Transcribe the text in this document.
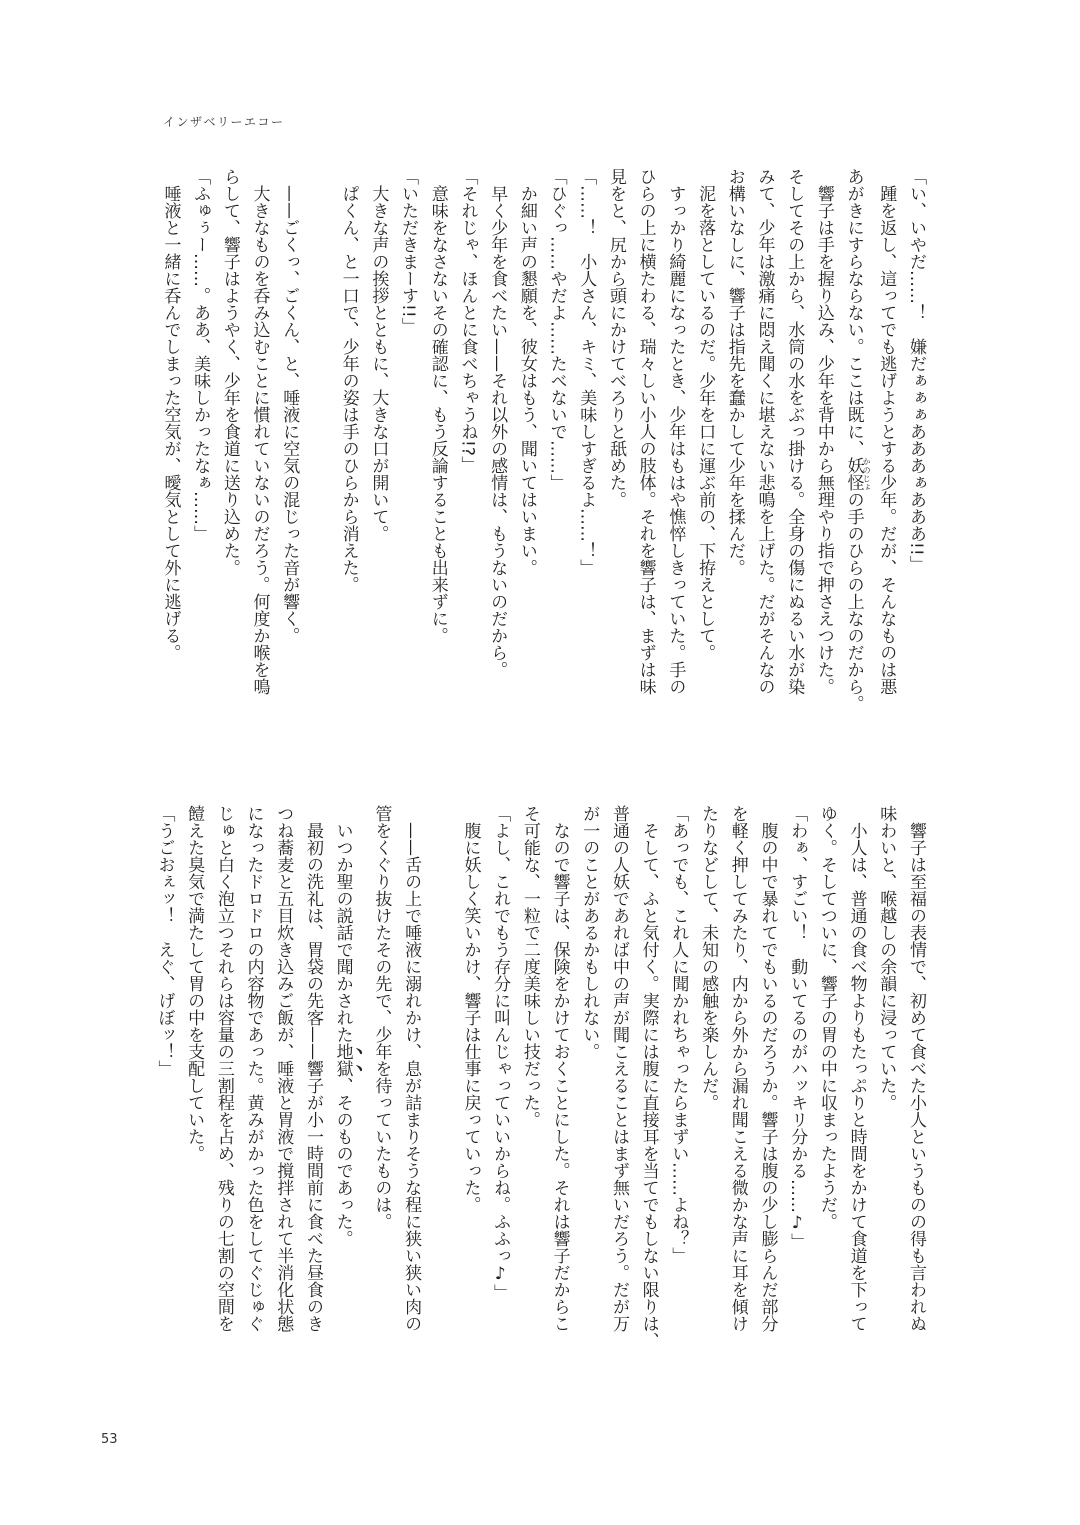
インザベリーエコー
「い、いやだ……！　嫌だぁぁぁあああぁあああ!!」
　踵を返し、這ってでも逃げようとする少年。だが、そんなものは悪
あがきにすらならない。ここは既に、妖怪かのじょの手のひらの上なのだから。
　響子は手を握り込み、少年を背中から無理やり指で押さえつけた。
そしてその上から、水筒の水をぶっ掛ける。全身の傷にぬるい水が染
みて、少年は激痛に悶え聞くに堪えない悲鳴を上げた。だがそんなの
お構いなしに、響子は指先を蠢かして少年を揉んだ。
　泥を落としているのだ。少年を口に運ぶ前の、下拵えとして。
　すっかり綺麗になったとき、少年はもはや憔悴しきっていた。手の
ひらの上に横たわる、瑞々しい小人の肢体。それを響子は、まずは味
見をと、尻から頭にかけてべろりと舐めた。
「……！　小人さん、キミ、美味しすぎるよ……！」
「ひぐっ……やだよ……たべないで……」
　か細い声の懇願を、彼女はもう、聞いてはいまい。
　早く少年を食べたい——それ以外の感情は、もうないのだから。
「それじゃ、ほんとに食べちゃうね!?」
　意味をなさないその確認に、もう反論することも出来ずに。
「いただきまーす!!」
　大きな声の挨拶とともに、大きな口が開いて。
　ぱくん、と一口で、少年の姿は手のひらから消えた。
　——ごくっ、ごくん、と、唾液に空気の混じった音が響く。
　大きなものを呑み込むことに慣れていないのだろう。何度か喉を鳴
らして、響子はようやく、少年を食道に送り込めた。
「ふゅぅー……。ああ、美味しかったなぁ……」
　唾液と一緒に呑んでしまった空気が、曖気として外に逃げる。
　響子は至福の表情で、初めて食べた小人というものの得も言われぬ
味わいと、喉越しの余韻に浸っていた。
　小人は、普通の食べ物よりもたっぷりと時間をかけて食道を下って
ゆく。そしてついに、響子の胃の中に収まったようだ。
「わぁ、すごい！　動いてるのがハッキリ分かる……♪」
　腹の中で暴れてでもいるのだろうか。響子は腹の少し膨らんだ部分
を軽く押してみたり、内から外から漏れ聞こえる微かな声に耳を傾け
たりなどして、未知の感触を楽しんだ。
「あっでも、これ人に聞かれちゃったらまずい……よね？」
　そして、ふと気付く。実際には腹に直接耳を当てでもしない限りは、
普通の人妖であれば中の声が聞こえることはまず無いだろう。だが万
が一のことがあるかもしれない。
　なので響子は、保険をかけておくことにした。それは響子だからこ
そ可能な、一粒で二度美味しい技だった。
「よし、これでもう存分に叫んじゃっていいからね。ふふっ♪」
　腹に妖しく笑いかけ、響子は仕事に戻っていった。
　——舌の上で唾液に溺れかけ、息が詰まりそうな程に狭い狭い肉の
管をくぐり抜けたその先で、少年を待っていたものは。
　いつか聖の説話で聞かされた地獄、そのものであった。
　最初の洗礼は、胃袋の先客——響子が小一時間前に食べた昼食のき
つね蕎麦と五目炊き込みご飯が、唾液と胃液で撹拌されて半消化状態
になったドロドロの内容物であった。黄みがかった色をしてぐじゅぐ
じゅと白く泡立つそれらは容量の三割程を占め、残りの七割の空間を
饐えた臭気で満たして胃の中を支配していた。
「うごおぇッ！　えぐ、げぼッ！」
53
